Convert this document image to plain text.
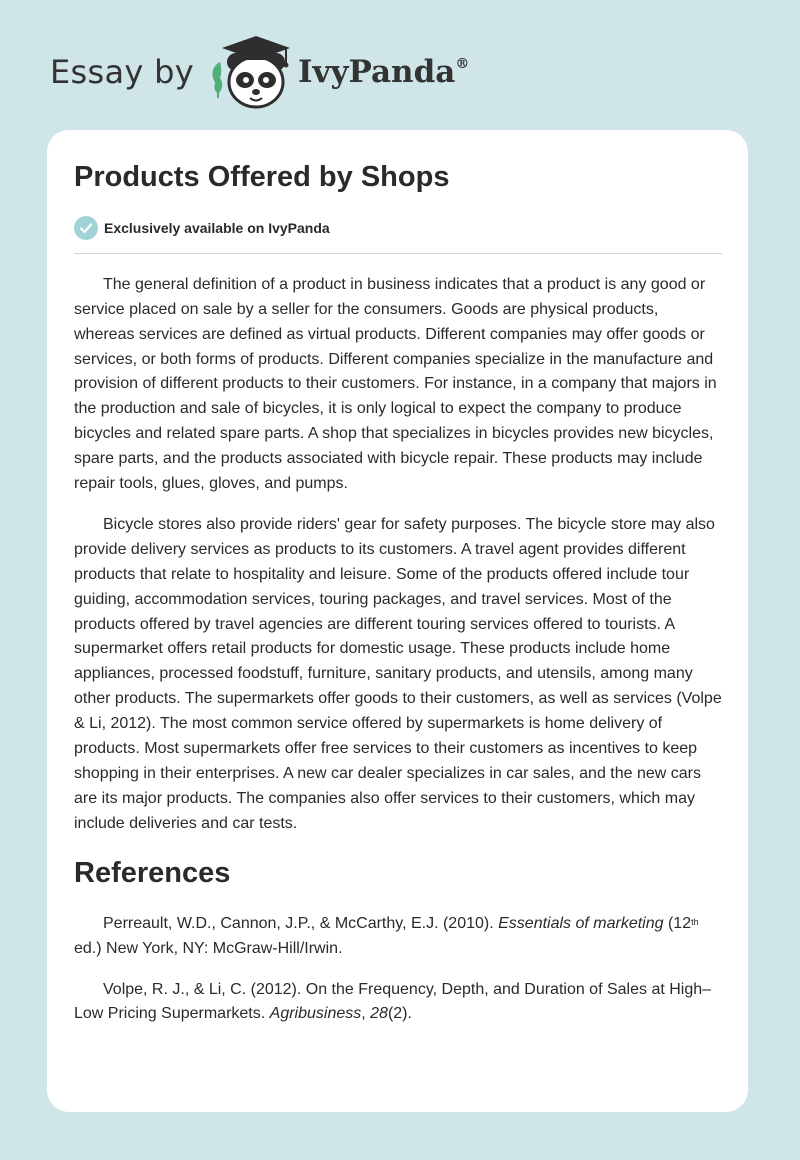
Essay by	IvyPanda®
Products Offered by Shops
Exclusively available on IvyPanda

The general definition of a product in business indicates that a product is any good or service placed on sale by a seller for the consumers. Goods are physical products, whereas services are defined as virtual products. Different companies may offer goods or services, or both forms of products. Different companies specialize in the manufacture and provision of different products to their customers. For instance, in a company that majors in the production and sale of bicycles, it is only logical to expect the company to produce bicycles and related spare parts. A shop that specializes in bicycles provides new bicycles, spare parts, and the products associated with bicycle repair. These products may include repair tools, glues, gloves, and pumps.

Bicycle stores also provide riders' gear for safety purposes. The bicycle store may also provide delivery services as products to its customers. A travel agent provides different products that relate to hospitality and leisure. Some of the products offered include tour guiding, accommodation services, touring packages, and travel services. Most of the products offered by travel agencies are different touring services offered to tourists. A supermarket offers retail products for domestic usage. These products include home appliances, processed foodstuff, furniture, sanitary products, and utensils, among many other products. The supermarkets offer goods to their customers, as well as services (Volpe & Li, 2012). The most common service offered by supermarkets is home delivery of products. Most supermarkets offer free services to their customers as incentives to keep shopping in their enterprises. A new car dealer specializes in car sales, and the new cars are its major products. The companies also offer services to their customers, which may include deliveries and car tests.

References

Perreault, W.D., Cannon, J.P., & McCarthy, E.J. (2010). Essentials of marketing (12th ed.) New York, NY: McGraw-Hill/Irwin.

Volpe, R. J., & Li, C. (2012). On the Frequency, Depth, and Duration of Sales at High–Low Pricing Supermarkets. Agribusiness, 28(2).
